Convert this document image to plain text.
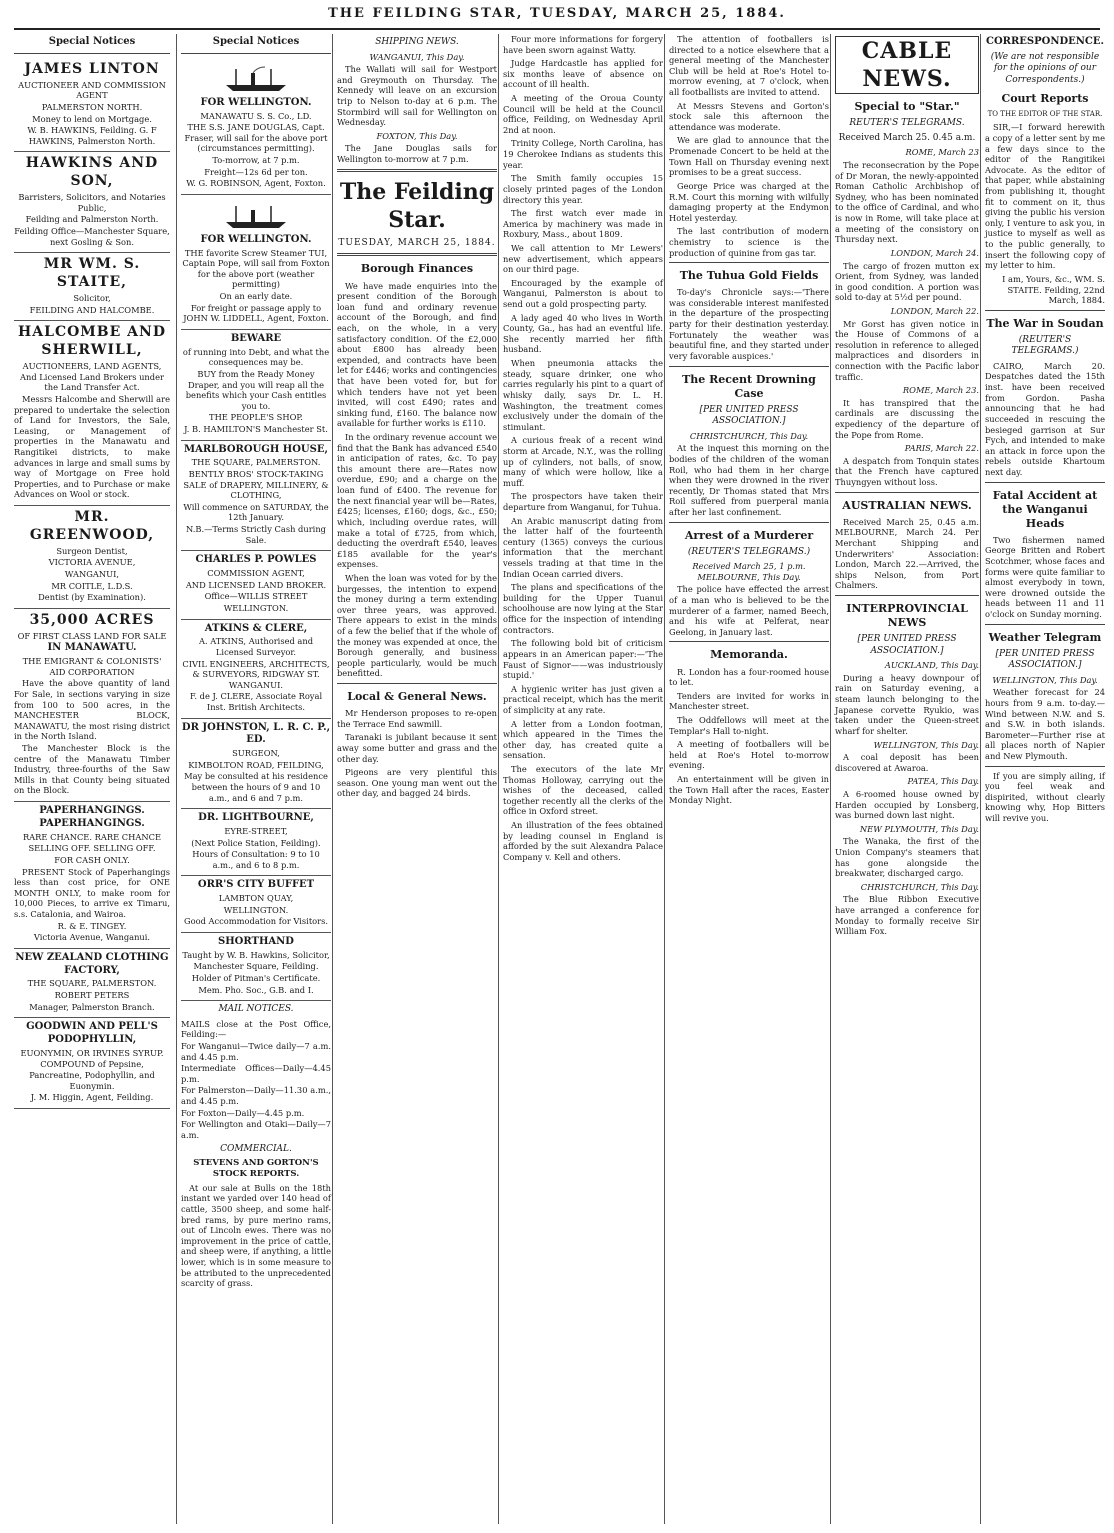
THE FEILDING STAR, TUESDAY, MARCH 25, 1884.
Special Notices
JAMES LINTON

AUCTIONEER AND COMMISSION AGENT

PALMERSTON NORTH.

Money to lend on Mortgage.

W. B. HAWKINS, Feilding. G. F HAWKINS, Palmerston North.

HAWKINS AND SON,

Barristers, Solicitors, and Notaries Public,

Feilding and Palmerston North.

Feilding Office—Manchester Square, next Gosling & Son.

MR WM. S. STAITE,

Solicitor,

FEILDING AND HALCOMBE.

HALCOMBE AND SHERWILL,

AUCTIONEERS, LAND AGENTS, And Licensed Land Brokers under the Land Transfer Act.

Messrs Halcombe and Sherwill are prepared to undertake the selection of Land for Investors, the Sale, Leasing, or Management of properties in the Manawatu and Rangitikei districts, to make advances in large and small sums by way of Mortgage on Free hold Properties, and to Purchase or make Advances on Wool or stock.

MR. GREENWOOD,

Surgeon Dentist,

VICTORIA AVENUE,

WANGANUI,

MR COITLE, L.D.S.

Dentist (by Examination).

35,000 ACRES

OF FIRST CLASS LAND FOR SALE

IN MANAWATU.

THE EMIGRANT & COLONISTS' AID CORPORATION

Have the above quantity of land For Sale, in sections varying in size from 100 to 500 acres, in the MANCHESTER BLOCK, MANAWATU, the most rising district in the North Island.

The Manchester Block is the centre of the Manawatu Timber Industry, three-fourths of the Saw Mills in that County being situated on the Block.

PAPERHANGINGS. PAPERHANGINGS.

RARE CHANCE. RARE CHANCE

SELLING OFF. SELLING OFF.

FOR CASH ONLY.

PRESENT Stock of Paperhangings less than cost price, for ONE MONTH ONLY, to make room for 10,000 Pieces, to arrive ex Timaru, s.s. Catalonia, and Wairoa.

R. & E. TINGEY.

Victoria Avenue, Wanganui.

NEW ZEALAND CLOTHING FACTORY,

THE SQUARE, PALMERSTON.

ROBERT PETERS

Manager, Palmerston Branch.

GOODWIN AND PELL'S PODOPHYLLIN,

EUONYMIN, OR IRVINES SYRUP.

COMPOUND of Pepsine, Pancreatine, Podophyllin, and Euonymin.

J. M. Higgin, Agent, Feilding.

Special Notices
FOR WELLINGTON.

MANAWATU S. S. Co., LD.

THE S.S. JANE DOUGLAS, Capt. Fraser, will sail for the above port (circumstances permitting).

To-morrow, at 7 p.m.

Freight—12s 6d per ton.

W. G. ROBINSON, Agent, Foxton.

FOR WELLINGTON.

THE favorite Screw Steamer TUI, Captain Pope, will sail from Foxton for the above port (weather permitting)

On an early date.

For freight or passage apply to JOHN W. LIDDELL, Agent, Foxton.

BEWARE

of running into Debt, and what the consequences may be.

BUY from the Ready Money Draper, and you will reap all the benefits which your Cash entitles you to.

THE PEOPLE'S SHOP.

J. B. HAMILTON'S Manchester St.

MARLBOROUGH HOUSE,

THE SQUARE, PALMERSTON.

BENTLY BROS' STOCK-TAKING SALE of DRAPERY, MILLINERY, & CLOTHING,

Will commence on SATURDAY, the 12th January.

N.B.—Terms Strictly Cash during Sale.

CHARLES P. POWLES

COMMISSION AGENT,

AND LICENSED LAND BROKER.

Office—WILLIS STREET

WELLINGTON.

ATKINS & CLERE,

A. ATKINS, Authorised and Licensed Surveyor.

CIVIL ENGINEERS, ARCHITECTS, & SURVEYORS, RIDGWAY ST. WANGANUI.

F. de J. CLERE, Associate Royal Inst. British Architects.

DR JOHNSTON, L. R. C. P., ED.

SURGEON,

KIMBOLTON ROAD, FEILDING,

May be consulted at his residence between the hours of 9 and 10 a.m., and 6 and 7 p.m.

DR. LIGHTBOURNE,

EYRE-STREET,

(Next Police Station, Feilding).

Hours of Consultation: 9 to 10 a.m., and 6 to 8 p.m.

ORR'S CITY BUFFET

LAMBTON QUAY,

WELLINGTON.

Good Accommodation for Visitors.

SHORTHAND

Taught by W. B. Hawkins, Solicitor,

Manchester Square, Feilding.

Holder of Pitman's Certificate.

Mem. Pho. Soc., G.B. and I.

MAIL NOTICES.

MAILS close at the Post Office, Feilding:—

For Wanganui—Twice daily—7 a.m. and 4.45 p.m.

Intermediate Offices—Daily—4.45 p.m.

For Palmerston—Daily—11.30 a.m., and 4.45 p.m.

For Foxton—Daily—4.45 p.m.

For Wellington and Otaki—Daily—7 a.m.

COMMERCIAL.
STEVENS AND GORTON'S STOCK REPORTS.

At our sale at Bulls on the 18th instant we yarded over 140 head of cattle, 3500 sheep, and some half-bred rams, by pure merino rams, out of Lincoln ewes. There was no improvement in the price of cattle, and sheep were, if anything, a little lower, which is in some measure to be attributed to the unprecedented scarcity of grass.

SHIPPING NEWS.
WANGANUI, This Day.

The Wallati will sail for Westport and Greymouth on Thursday. The Kennedy will leave on an excursion trip to Nelson to-day at 6 p.m. The Stormbird will sail for Wellington on Wednesday.

FOXTON, This Day.

The Jane Douglas sails for Wellington to-morrow at 7 p.m.

The Feilding Star.
TUESDAY, MARCH 25, 1884.
Borough Finances

We have made enquiries into the present condition of the Borough loan fund and ordinary revenue account of the Borough, and find each, on the whole, in a very satisfactory condition. Of the £2,000 about £800 has already been expended, and contracts have been let for £446; works and contingencies that have been voted for, but for which tenders have not yet been invited, will cost £490; rates and sinking fund, £160. The balance now available for further works is £110.

In the ordinary revenue account we find that the Bank has advanced £540 in anticipation of rates, &c. To pay this amount there are—Rates now overdue, £90; and a charge on the loan fund of £400. The revenue for the next financial year will be—Rates, £425; licenses, £160; dogs, &c., £50; which, including overdue rates, will make a total of £725, from which, deducting the overdraft £540, leaves £185 available for the year's expenses.

When the loan was voted for by the burgesses, the intention to expend the money during a term extending over three years, was approved. There appears to exist in the minds of a few the belief that if the whole of the money was expended at once, the Borough generally, and business people particularly, would be much benefitted.

Local & General News.

Mr Henderson proposes to re-open the Terrace End sawmill.

Taranaki is jubilant because it sent away some butter and grass and the other day.

Pigeons are very plentiful this season. One young man went out the other day, and bagged 24 birds.

Four more informations for forgery have been sworn against Watty.

Judge Hardcastle has applied for six months leave of absence on account of ill health.

A meeting of the Oroua County Council will be held at the Council office, Feilding, on Wednesday April 2nd at noon.

Trinity College, North Carolina, has 19 Cherokee Indians as students this year.

The Smith family occupies 15 closely printed pages of the London directory this year.

The first watch ever made in America by machinery was made in Roxbury, Mass., about 1809.

We call attention to Mr Lewers' new advertisement, which appears on our third page.

Encouraged by the example of Wanganui, Palmerston is about to send out a gold prospecting party.

A lady aged 40 who lives in Worth County, Ga., has had an eventful life. She recently married her fifth husband.

When pneumonia attacks the steady, square drinker, one who carries regularly his pint to a quart of whisky daily, says Dr. L. H. Washington, the treatment comes exclusively under the domain of the stimulant.

A curious freak of a recent wind storm at Arcade, N.Y., was the rolling up of cylinders, not balls, of snow, many of which were hollow, like a muff.

The prospectors have taken their departure from Wanganui, for Tuhua.

An Arabic manuscript dating from the latter half of the fourteenth century (1365) conveys the curious information that the merchant vessels trading at that time in the Indian Ocean carried divers.

The plans and specifications of the building for the Upper Tuanui schoolhouse are now lying at the Star office for the inspection of intending contractors.

The following bold bit of criticism appears in an American paper:—'The Faust of Signor——was industriously stupid.'

A hygienic writer has just given a practical receipt, which has the merit of simplicity at any rate.

A letter from a London footman, which appeared in the Times the other day, has created quite a sensation.

The executors of the late Mr Thomas Holloway, carrying out the wishes of the deceased, called together recently all the clerks of the office in Oxford street.

An illustration of the fees obtained by leading counsel in England is afforded by the suit Alexandra Palace Company v. Kell and others.

The attention of footballers is directed to a notice elsewhere that a general meeting of the Manchester Club will be held at Roe's Hotel to-morrow evening, at 7 o'clock, when all footballists are invited to attend.

At Messrs Stevens and Gorton's stock sale this afternoon the attendance was moderate.

We are glad to announce that the Promenade Concert to be held at the Town Hall on Thursday evening next promises to be a great success.

George Price was charged at the R.M. Court this morning with wilfully damaging property at the Endymon Hotel yesterday.

The last contribution of modern chemistry to science is the production of quinine from gas tar.

The Tuhua Gold Fields

To-day's Chronicle says:—'There was considerable interest manifested in the departure of the prospecting party for their destination yesterday. Fortunately the weather was beautiful fine, and they started under very favorable auspices.'

The Recent Drowning Case
[PER UNITED PRESS ASSOCIATION.]
CHRISTCHURCH, This Day.

At the inquest this morning on the bodies of the children of the woman Roil, who had them in her charge when they were drowned in the river recently, Dr Thomas stated that Mrs Roil suffered from puerperal mania after her last confinement.

Arrest of a Murderer
(REUTER'S TELEGRAMS.)
Received March 25, 1 p.m. MELBOURNE, This Day.

The police have effected the arrest of a man who is believed to be the murderer of a farmer, named Beech, and his wife at Pelferat, near Geelong, in January last.

Memoranda.

R. London has a four-roomed house to let.

Tenders are invited for works in Manchester street.

The Oddfellows will meet at the Templar's Hall to-night.

A meeting of footballers will be held at Roe's Hotel to-morrow evening.

An entertainment will be given in the Town Hall after the races, Easter Monday Night.

CABLE NEWS.
Special to "Star."
REUTER'S TELEGRAMS.
Received March 25. 0.45 a.m.
ROME, March 23

The reconsecration by the Pope of Dr Moran, the newly-appointed Roman Catholic Archbishop of Sydney, who has been nominated to the office of Cardinal, and who is now in Rome, will take place at a meeting of the consistory on Thursday next.

LONDON, March 24.

The cargo of frozen mutton ex Orient, from Sydney, was landed in good condition. A portion was sold to-day at 5½d per pound.

LONDON, March 22.

Mr Gorst has given notice in the House of Commons of a resolution in reference to alleged malpractices and disorders in connection with the Pacific labor traffic.

ROME, March 23.

It has transpired that the cardinals are discussing the expediency of the departure of the Pope from Rome.

PARIS, March 22.

A despatch from Tonquin states that the French have captured Thuyngyen without loss.

AUSTRALIAN NEWS.

Received March 25, 0.45 a.m. MELBOURNE, March 24. Per Merchant Shipping and Underwriters' Association: London, March 22.—Arrived, the ships Nelson, from Port Chalmers.

INTERPROVINCIAL NEWS
[PER UNITED PRESS ASSOCIATION.]
AUCKLAND, This Day.

During a heavy downpour of rain on Saturday evening, a steam launch belonging to the Japanese corvette Ryukio, was taken under the Queen-street wharf for shelter.

WELLINGTON, This Day.

A coal deposit has been discovered at Awaroa.

PATEA, This Day.

A 6-roomed house owned by Harden occupied by Lonsberg, was burned down last night.

NEW PLYMOUTH, This Day.

The Wanaka, the first of the Union Company's steamers that has gone alongside the breakwater, discharged cargo.

CHRISTCHURCH, This Day.

The Blue Ribbon Executive have arranged a conference for Monday to formally receive Sir William Fox.

CORRESPONDENCE.
(We are not responsible for the opinions of our Correspondents.)
Court Reports
TO THE EDITOR OF THE STAR.

SIR,—I forward herewith a copy of a letter sent by me a few days since to the editor of the Rangitikei Advocate. As the editor of that paper, while abstaining from publishing it, thought fit to comment on it, thus giving the public his version only, I venture to ask you, in justice to myself as well as to the public generally, to insert the following copy of my letter to him.

I am, Yours, &c., WM. S. STAITE. Feilding, 22nd March, 1884.

The War in Soudan
(REUTER'S TELEGRAMS.)

CAIRO, March 20. Despatches dated the 15th inst. have been received from Gordon. Pasha announcing that he had succeeded in rescuing the besieged garrison at Sur Fych, and intended to make an attack in force upon the rebels outside Khartoum next day.

Fatal Accident at the Wanganui Heads

Two fishermen named George Britten and Robert Scotchmer, whose faces and forms were quite familiar to almost everybody in town, were drowned outside the heads between 11 and 11 o'clock on Sunday morning.

Weather Telegram
[PER UNITED PRESS ASSOCIATION.]
WELLINGTON, This Day.

Weather forecast for 24 hours from 9 a.m. to-day.—Wind between N.W. and S. and S.W. in both islands. Barometer—Further rise at all places north of Napier and New Plymouth.

If you are simply ailing, if you feel weak and dispirited, without clearly knowing why, Hop Bitters will revive you.
